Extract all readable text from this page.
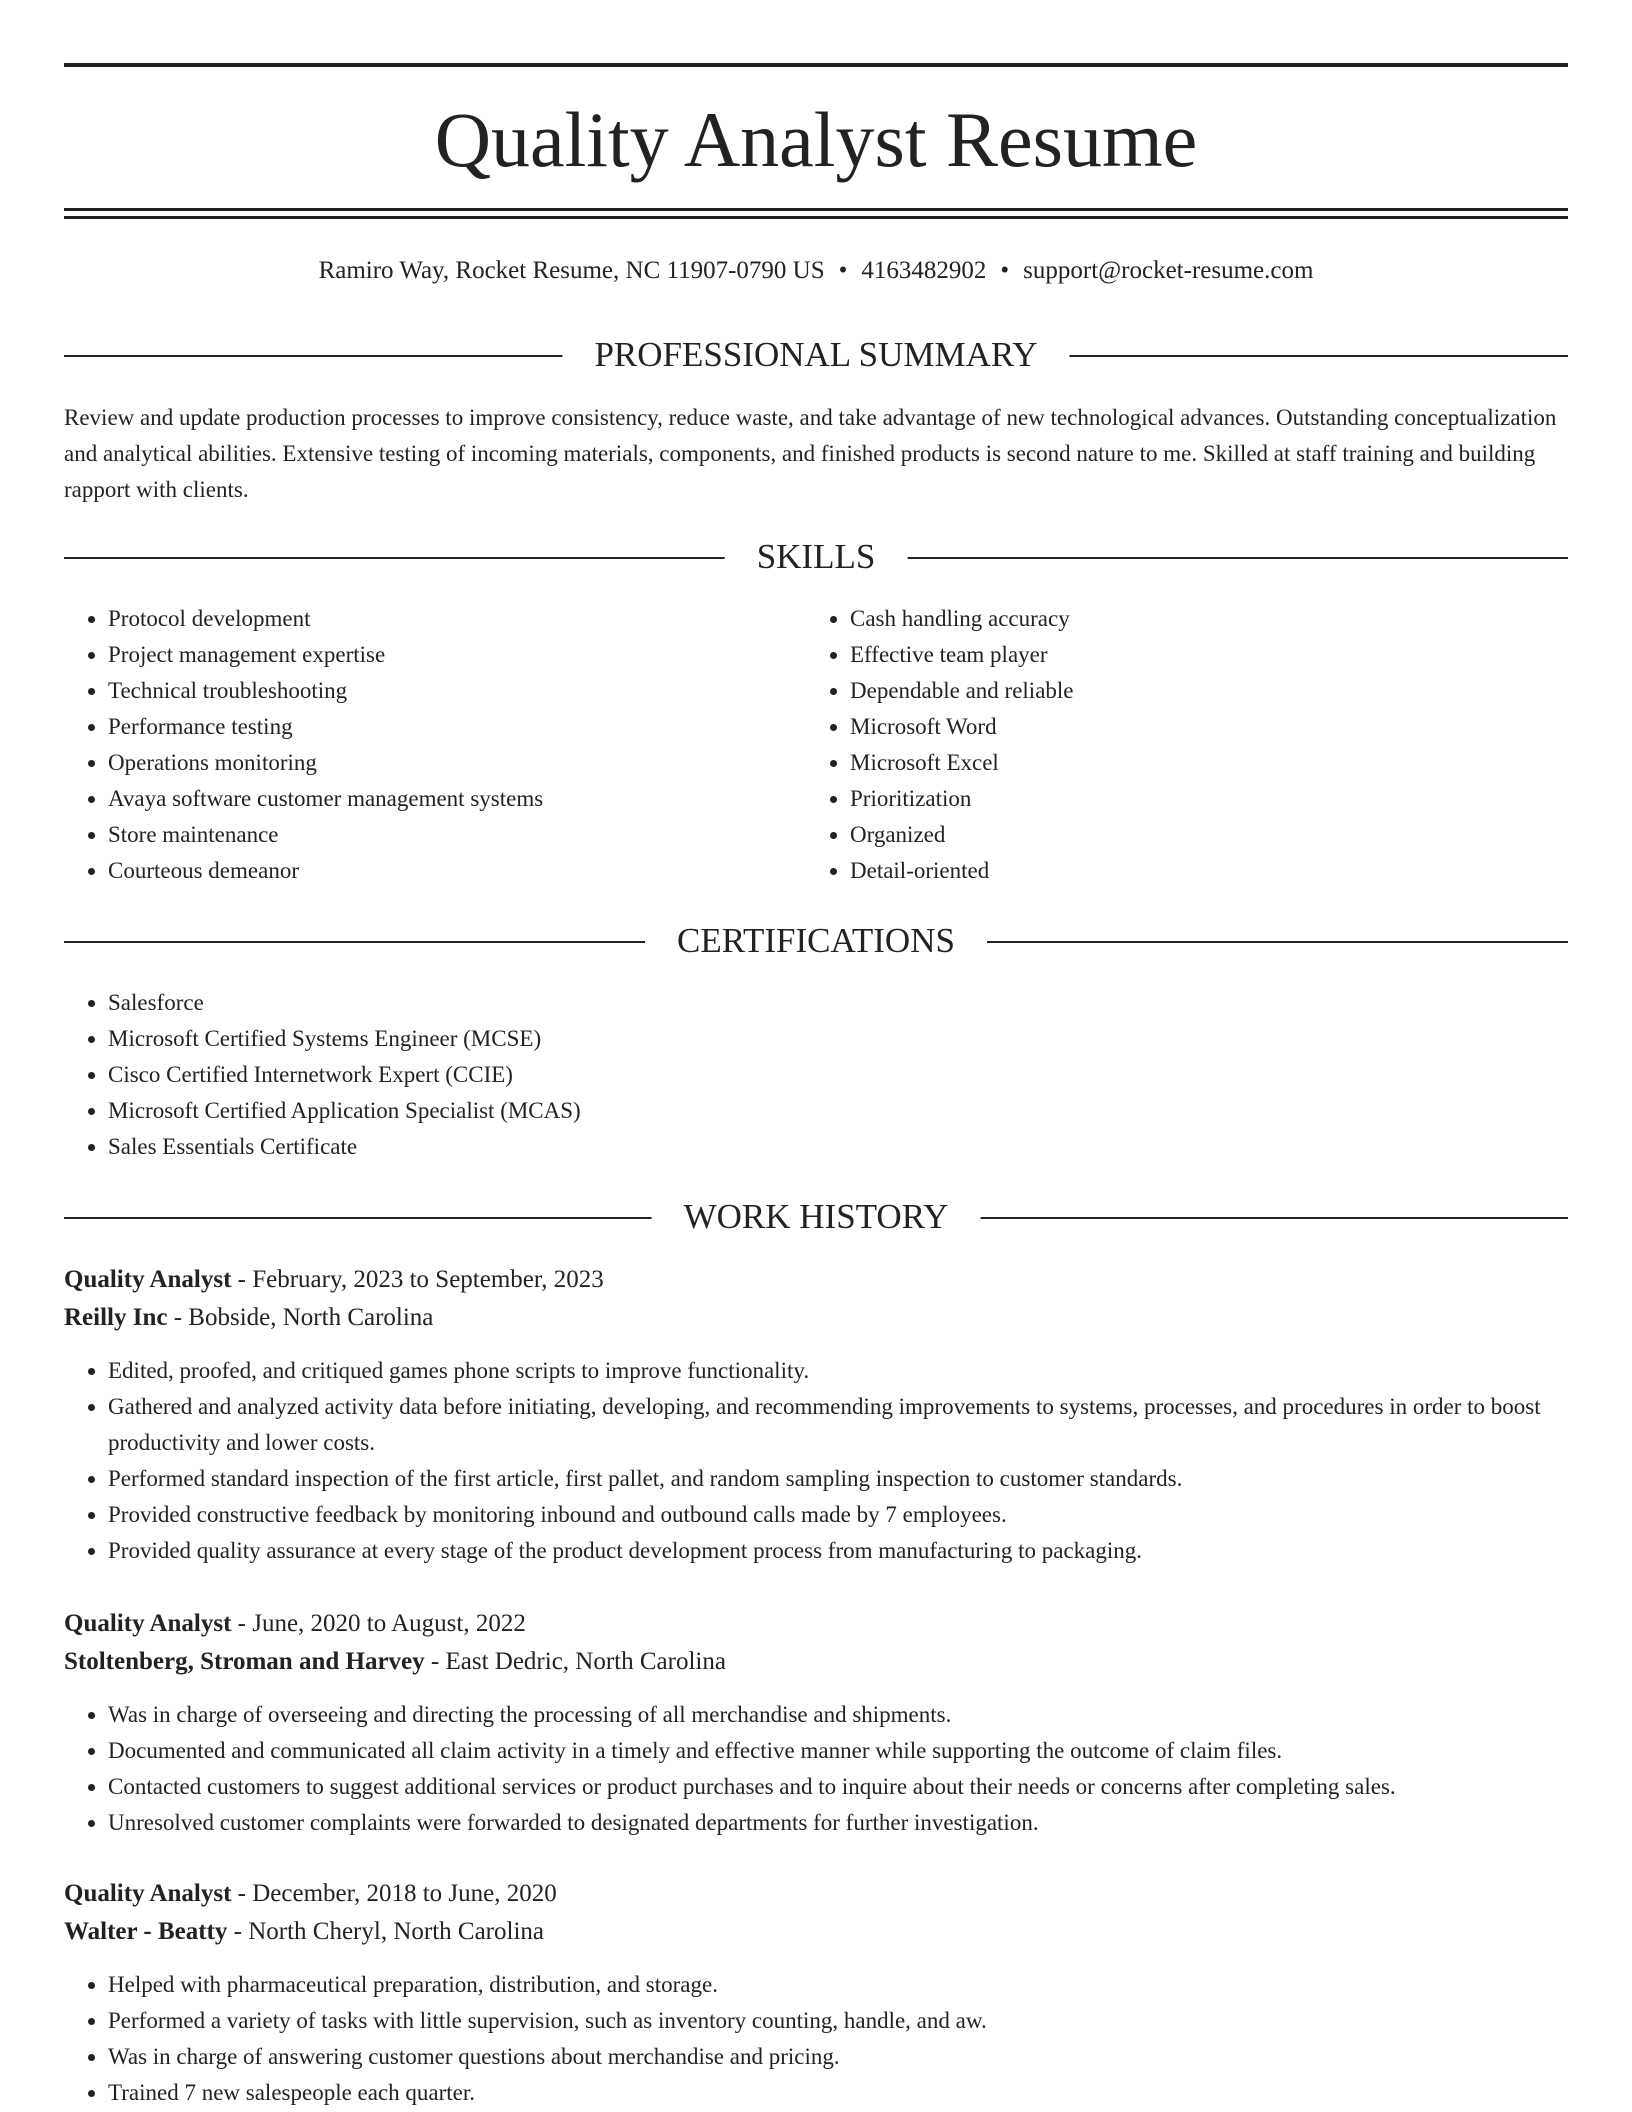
Quality Analyst Resume
Ramiro Way, Rocket Resume, NC 11907-0790 US • 4163482902 • support@rocket-resume.com
PROFESSIONAL SUMMARY

Review and update production processes to improve consistency, reduce waste, and take advantage of new technological advances. Outstanding conceptualization and analytical abilities. Extensive testing of incoming materials, components, and finished products is second nature to me. Skilled at staff training and building rapport with clients.

SKILLS
• Protocol development
• Project management expertise
• Technical troubleshooting
• Performance testing
• Operations monitoring
• Avaya software customer management systems
• Store maintenance
• Courteous demeanor
• Cash handling accuracy
• Effective team player
• Dependable and reliable
• Microsoft Word
• Microsoft Excel
• Prioritization
• Organized
• Detail-oriented
CERTIFICATIONS
• Salesforce
• Microsoft Certified Systems Engineer (MCSE)
• Cisco Certified Internetwork Expert (CCIE)
• Microsoft Certified Application Specialist (MCAS)
• Sales Essentials Certificate
WORK HISTORY
Quality Analyst - February, 2023 to September, 2023
Reilly Inc - Bobside, North Carolina
• Edited, proofed, and critiqued games phone scripts to improve functionality.
• Gathered and analyzed activity data before initiating, developing, and recommending improvements to systems, processes, and procedures in order to boost productivity and lower costs.
• Performed standard inspection of the first article, first pallet, and random sampling inspection to customer standards.
• Provided constructive feedback by monitoring inbound and outbound calls made by 7 employees.
• Provided quality assurance at every stage of the product development process from manufacturing to packaging.
Quality Analyst - June, 2020 to August, 2022
Stoltenberg, Stroman and Harvey - East Dedric, North Carolina
• Was in charge of overseeing and directing the processing of all merchandise and shipments.
• Documented and communicated all claim activity in a timely and effective manner while supporting the outcome of claim files.
• Contacted customers to suggest additional services or product purchases and to inquire about their needs or concerns after completing sales.
• Unresolved customer complaints were forwarded to designated departments for further investigation.
Quality Analyst - December, 2018 to June, 2020
Walter - Beatty - North Cheryl, North Carolina
• Helped with pharmaceutical preparation, distribution, and storage.
• Performed a variety of tasks with little supervision, such as inventory counting, handle, and aw.
• Was in charge of answering customer questions about merchandise and pricing.
• Trained 7 new salespeople each quarter.
